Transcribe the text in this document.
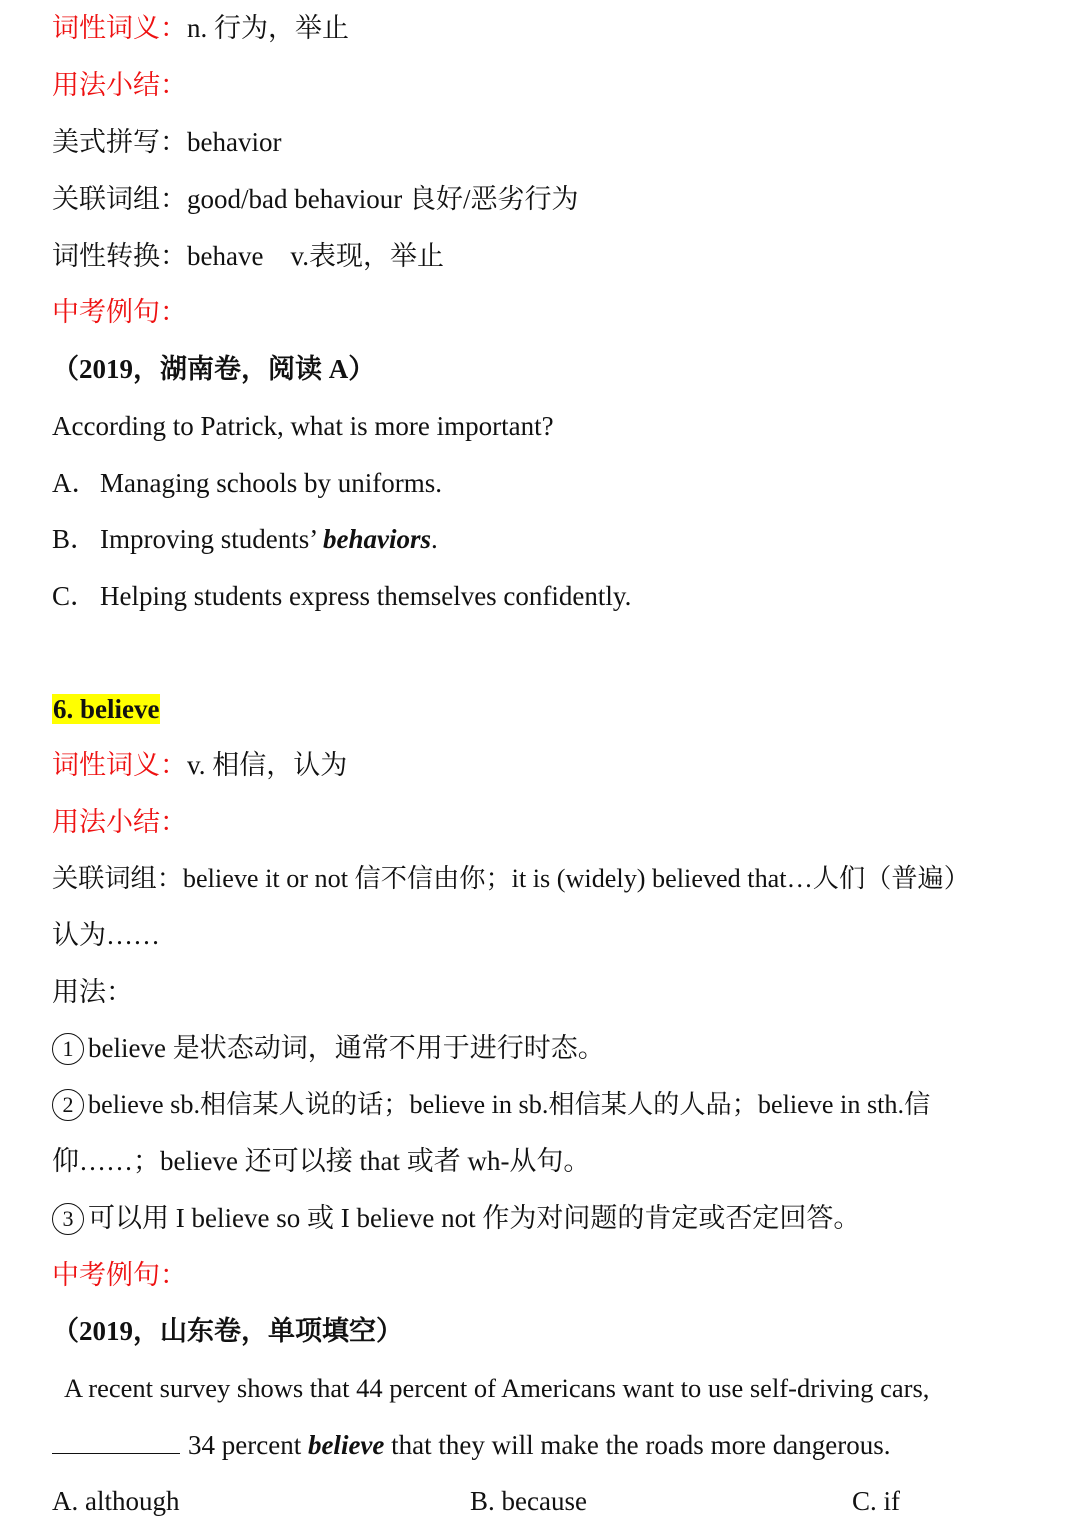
词性词义：n. 行为，举止
用法小结：
美式拼写：behavior
关联词组：good/bad behaviour 良好/恶劣行为
词性转换：behave　v.表现，举止
中考例句：
（2019，湖南卷，阅读 A）
According to Patrick, what is more important?
A．Managing schools by uniforms.
B． Improving students’ behaviors.
C． Helping students express themselves confidently.
6. believe
词性词义：v. 相信，认为
用法小结：
关联词组：believe it or not 信不信由你；it is (widely) believed that…人们（普遍）
认为……
用法：
1 believe 是状态动词，通常不用于进行时态。
2 believe sb.相信某人说的话；believe in sb.相信某人的人品；believe in sth.信
仰……；believe 还可以接 that 或者 wh-从句。
3 可以用 I believe so 或 I believe not 作为对问题的肯定或否定回答。
中考例句：
（2019，山东卷，单项填空）
A recent survey shows that 44 percent of Americans want to use self-driving cars,
34 percent believe that they will make the roads more dangerous.
A. although	B. because	C. if
